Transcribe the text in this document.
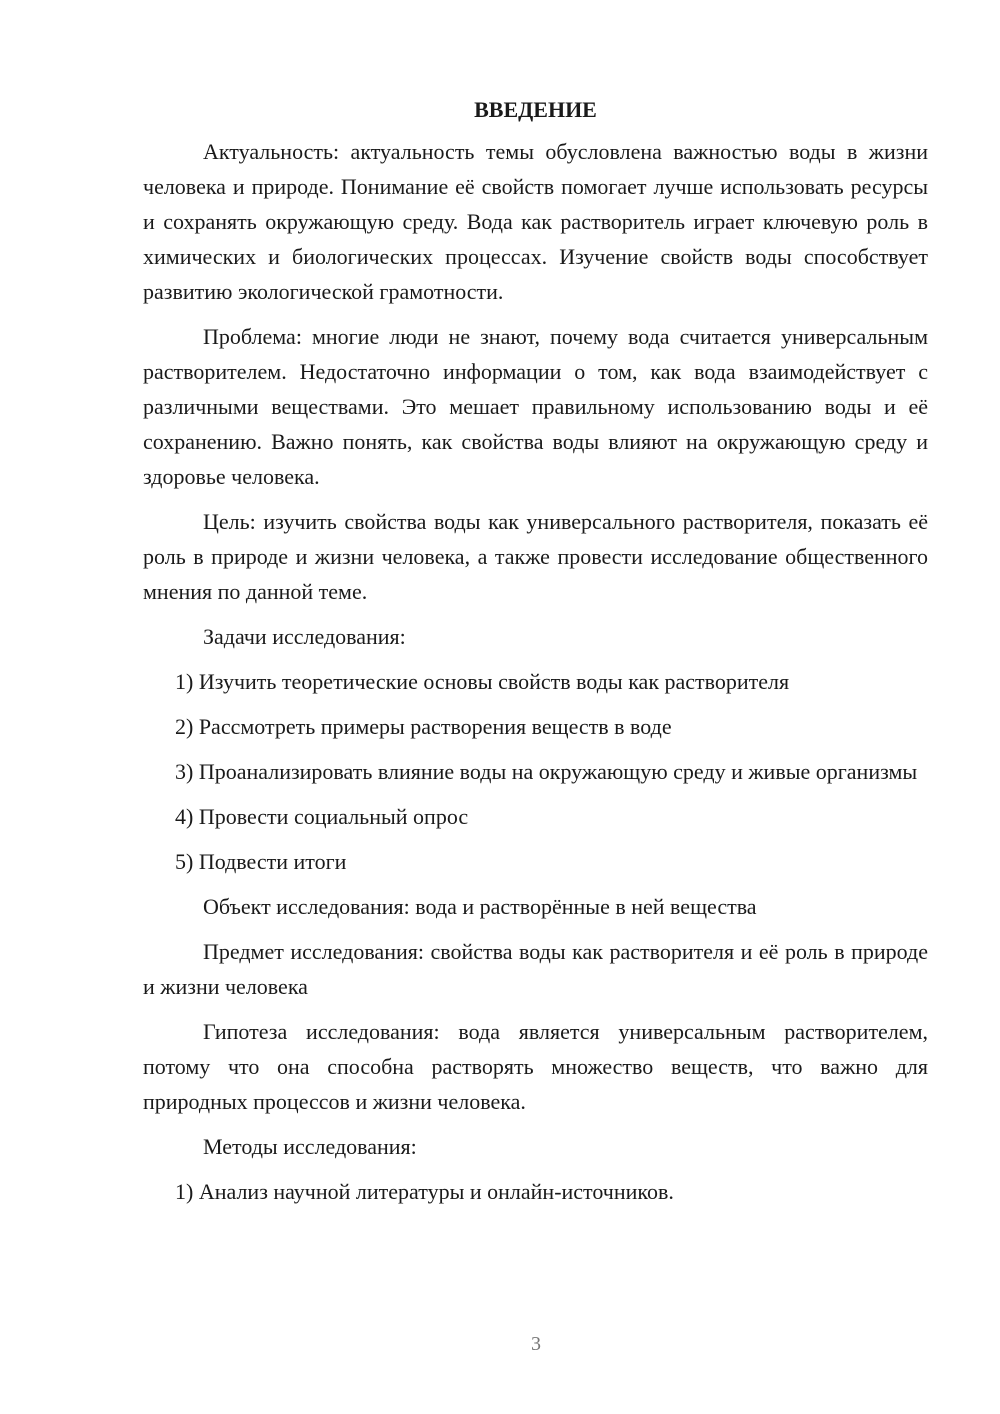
ВВЕДЕНИЕ

Актуальность: актуальность темы обусловлена важностью воды в жизни человека и природе. Понимание её свойств помогает лучше использовать ресурсы и сохранять окружающую среду. Вода как растворитель играет ключевую роль в химических и биологических процессах. Изучение свойств воды способствует развитию экологической грамотности.

Проблема: многие люди не знают, почему вода считается универсальным растворителем. Недостаточно информации о том, как вода взаимодействует с различными веществами. Это мешает правильному использованию воды и её сохранению. Важно понять, как свойства воды влияют на окружающую среду и здоровье человека.

Цель: изучить свойства воды как универсального растворителя, показать её роль в природе и жизни человека, а также провести исследование общественного мнения по данной теме.

Задачи исследования:

1) Изучить теоретические основы свойств воды как растворителя

2) Рассмотреть примеры растворения веществ в воде

3) Проанализировать влияние воды на окружающую среду и живые организмы

4) Провести социальный опрос

5) Подвести итоги

Объект исследования: вода и растворённые в ней вещества

Предмет исследования: свойства воды как растворителя и её роль в природе и жизни человека

Гипотеза исследования: вода является универсальным растворителем, потому что она способна растворять множество веществ, что важно для природных процессов и жизни человека.

Методы исследования:

1) Анализ научной литературы и онлайн-источников.

3
